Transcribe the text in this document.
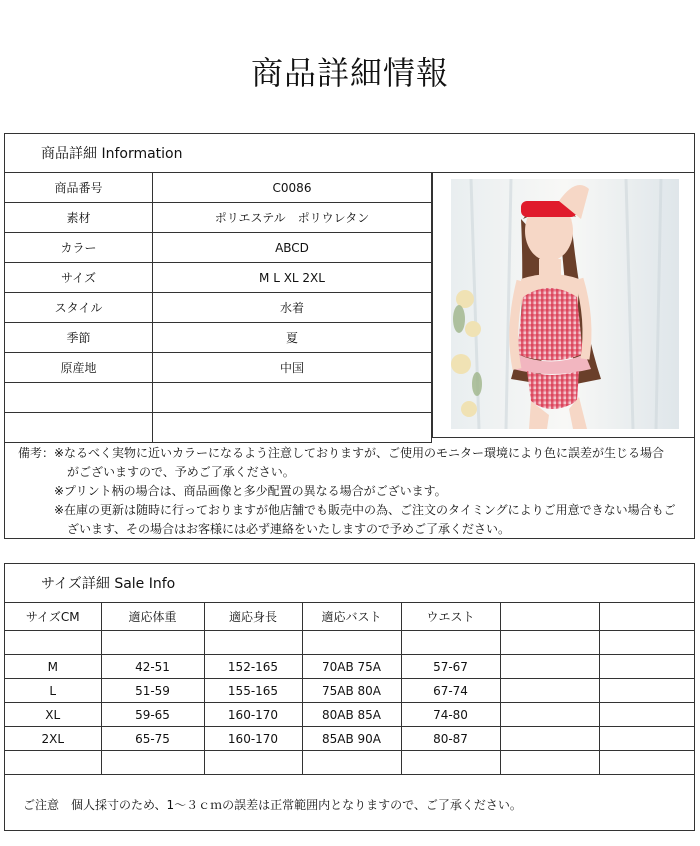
商品詳細情報
商品詳細 Information
商品番号	C0086
素材	ポリエステル　ポリウレタン
カラー	ABCD
サイズ	M L XL 2XL
スタイル	水着
季節	夏
原産地	中国

備考：※なるべく実物に近いカラーになるよう注意しておりますが、ご使用のモニター環境により色に誤差が生じる場合
がございますので、予めご了承ください。
※プリント柄の場合は、商品画像と多少配置の異なる場合がございます。
※在庫の更新は随時に行っておりますが他店舗でも販売中の為、ご注文のタイミングによりご用意できない場合もご
ざいます、その場合はお客様には必ず連絡をいたしますので予めご了承ください。
サイズ詳細 Sale Info
サイズCM	適応体重	適応身長	適応バスト	ウエスト		

M	42-51	152-165	70AB 75A	57-67		
L	51-59	155-165	75AB 80A	67-74		
XL	59-65	160-170	80AB 85A	74-80		
2XL	65-75	160-170	85AB 90A	80-87		

ご注意　個人採寸のため、1～３ｃｍの誤差は正常範囲内となりますので、ご了承ください。
